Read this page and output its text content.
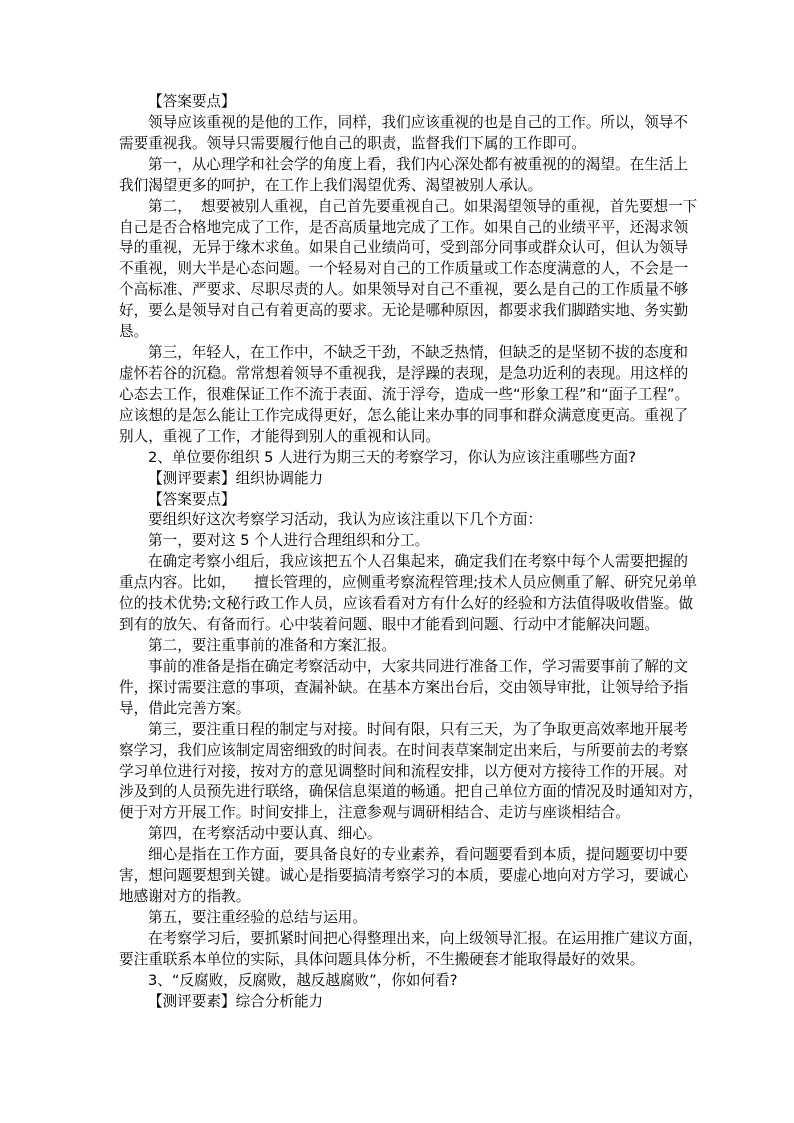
【答案要点】
领导应该重视的是他的工作，同样，我们应该重视的也是自己的工作。所以，领导不
需要重视我。领导只需要履行他自己的职责，监督我们下属的工作即可。
第一，从心理学和社会学的角度上看，我们内心深处都有被重视的的渴望。在生活上
我们渴望更多的呵护，在工作上我们渴望优秀、渴望被别人承认。
第二，  想要被别人重视，自己首先要重视自己。如果渴望领导的重视，首先要想一下
自己是否合格地完成了工作，是否高质量地完成了工作。如果自己的业绩平平，还渴求领
导的重视，无异于缘木求鱼。如果自己业绩尚可，受到部分同事或群众认可，但认为领导
不重视，则大半是心态问题。一个轻易对自己的工作质量或工作态度满意的人，不会是一
个高标准、严要求、尽职尽责的人。如果领导对自己不重视，要么是自己的工作质量不够
好，要么是领导对自己有着更高的要求。无论是哪种原因，都要求我们脚踏实地、务实勤
恳。
第三，年轻人，在工作中，不缺乏干劲，不缺乏热情，但缺乏的是坚韧不拔的态度和
虚怀若谷的沉稳。常常想着领导不重视我，是浮躁的表现，是急功近利的表现。用这样的
心态去工作，很难保证工作不流于表面、流于浮夸，造成一些“形象工程”和“面子工程”。
应该想的是怎么能让工作完成得更好，怎么能让来办事的同事和群众满意度更高。重视了
别人，重视了工作，才能得到别人的重视和认同。
2、单位要你组织 5 人进行为期三天的考察学习，你认为应该注重哪些方面?
【测评要素】组织协调能力
【答案要点】
要组织好这次考察学习活动，我认为应该注重以下几个方面：
第一，要对这 5 个人进行合理组织和分工。
在确定考察小组后，我应该把五个人召集起来，确定我们在考察中每个人需要把握的
重点内容。比如，    擅长管理的，应侧重考察流程管理;技术人员应侧重了解、研究兄弟单
位的技术优势;文秘行政工作人员，应该看看对方有什么好的经验和方法值得吸收借鉴。做
到有的放矢、有备而行。心中装着问题、眼中才能看到问题、行动中才能解决问题。
第二，要注重事前的准备和方案汇报。
事前的准备是指在确定考察活动中，大家共同进行准备工作，学习需要事前了解的文
件，探讨需要注意的事项，查漏补缺。在基本方案出台后，交由领导审批，让领导给予指
导，借此完善方案。
第三，要注重日程的制定与对接。时间有限，只有三天，为了争取更高效率地开展考
察学习，我们应该制定周密细致的时间表。在时间表草案制定出来后，与所要前去的考察
学习单位进行对接，按对方的意见调整时间和流程安排，以方便对方接待工作的开展。对
涉及到的人员预先进行联络，确保信息渠道的畅通。把自己单位方面的情况及时通知对方，
便于对方开展工作。时间安排上，注意参观与调研相结合、走访与座谈相结合。
第四，在考察活动中要认真、细心。
细心是指在工作方面，要具备良好的专业素养，看问题要看到本质，提问题要切中要
害，想问题要想到关键。诚心是指要搞清考察学习的本质，要虚心地向对方学习，要诚心
地感谢对方的指教。
第五，要注重经验的总结与运用。
在考察学习后，要抓紧时间把心得整理出来，向上级领导汇报。在运用推广建议方面，
要注重联系本单位的实际，具体问题具体分析，不生搬硬套才能取得最好的效果。
3、“反腐败，反腐败，越反越腐败”，你如何看?
【测评要素】综合分析能力
